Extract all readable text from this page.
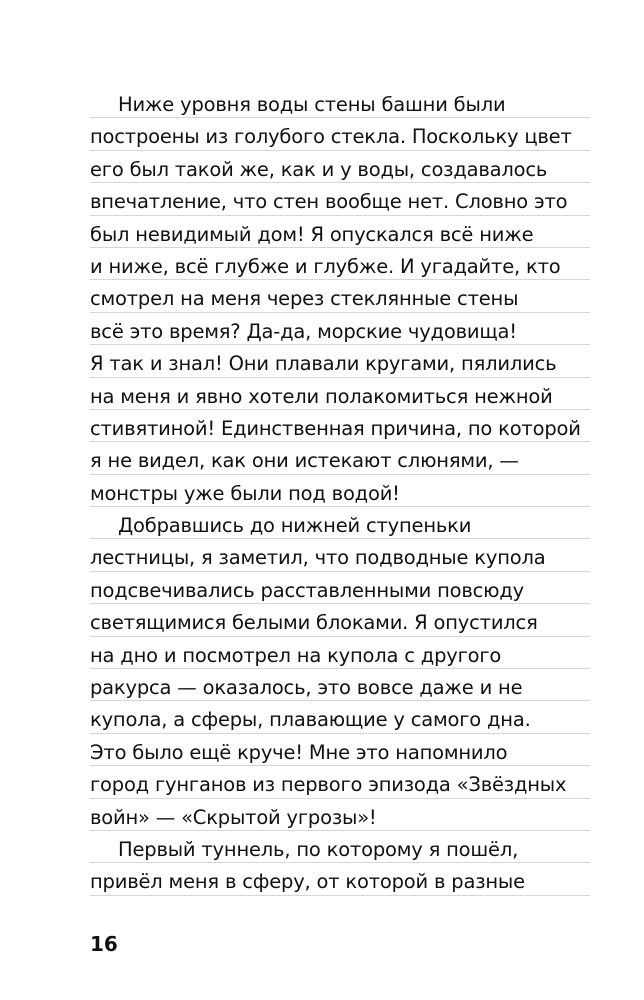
Ниже уровня воды стены башни были
построены из голубого стекла. Поскольку цвет
его был такой же, как и у воды, создавалось
впечатление, что стен вообще нет. Словно это
был невидимый дом! Я опускался всё ниже
и ниже, всё глубже и глубже. И угадайте, кто
смотрел на меня через стеклянные стены
всё это время? Да-да, морские чудовища!
Я так и знал! Они плавали кругами, пялились
на меня и явно хотели полакомиться нежной
стивятиной! Единственная причина, по которой
я не видел, как они истекают слюнями, —
монстры уже были под водой!
Добравшись до нижней ступеньки
лестницы, я заметил, что подводные купола
подсвечивались расставленными повсюду
светящимися белыми блоками. Я опустился
на дно и посмотрел на купола с другого
ракурса — оказалось, это вовсе даже и не
купола, а сферы, плавающие у самого дна.
Это было ещё круче! Мне это напомнило
город гунганов из первого эпизода «Звёздных
войн» — «Скрытой угрозы»!
Первый туннель, по которому я пошёл,
привёл меня в сферу, от которой в разные
16
